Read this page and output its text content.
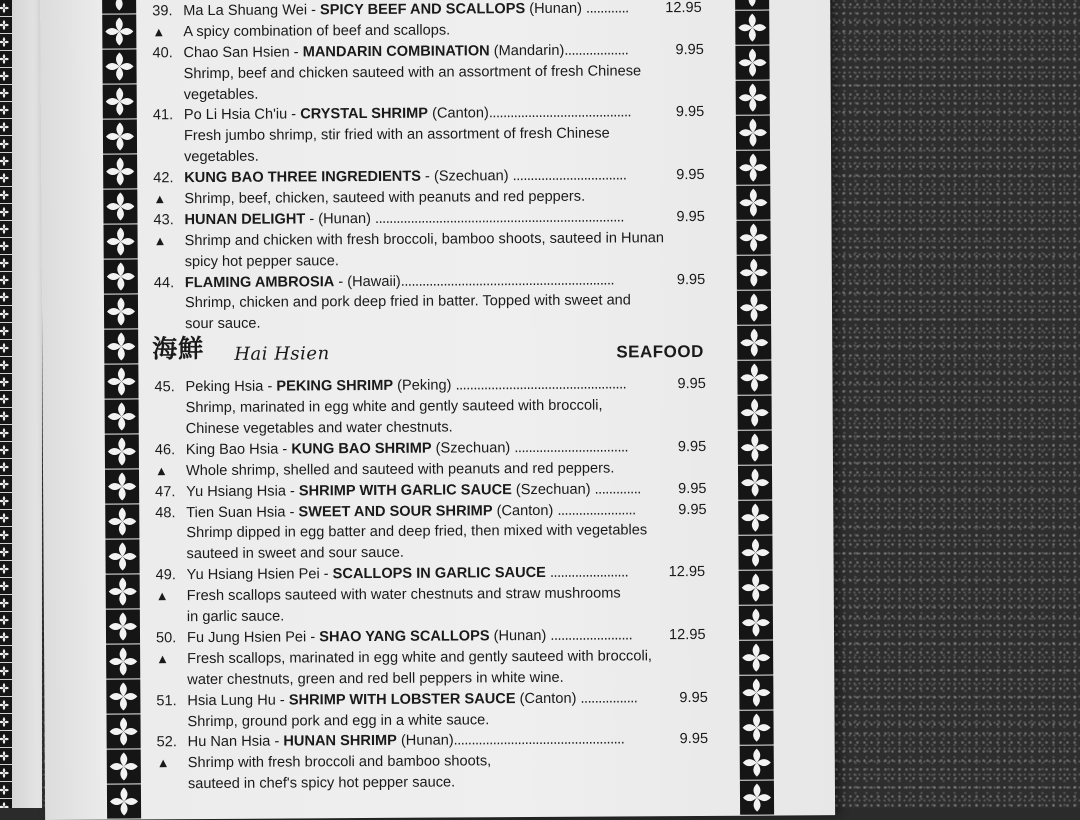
39. Ma La Shuang Wei - SPICY BEEF AND SCALLOPS (Hunan) ............ 12.95
▲ A spicy combination of beef and scallops.
40. Chao San Hsien - MANDARIN COMBINATION (Mandarin)..................	9.95
Shrimp, beef and chicken sauteed with an assortment of fresh Chinese
vegetables.
41. Po Li Hsia Ch'iu - CRYSTAL SHRIMP (Canton)........................................	9.95
Fresh jumbo shrimp, stir fried with an assortment of fresh Chinese
vegetables.
42. KUNG BAO THREE INGREDIENTS - (Szechuan) ................................	9.95
▲ Shrimp, beef, chicken, sauteed with peanuts and red peppers.
43. HUNAN DELIGHT - (Hunan) ......................................................................	9.95
▲ Shrimp and chicken with fresh broccoli, bamboo shoots, sauteed in Hunan
spicy hot pepper sauce.
44. FLAMING AMBROSIA - (Hawaii)............................................................	9.95
Shrimp, chicken and pork deep fried in batter. Topped with sweet and
sour sauce.
海鮮 Hai Hsien	SEAFOOD
45. Peking Hsia - PEKING SHRIMP (Peking) ................................................	9.95
Shrimp, marinated in egg white and gently sauteed with broccoli,
Chinese vegetables and water chestnuts.
46. King Bao Hsia - KUNG BAO SHRIMP (Szechuan) ................................	9.95
▲ Whole shrimp, shelled and sauteed with peanuts and red peppers.
47. Yu Hsiang Hsia - SHRIMP WITH GARLIC SAUCE (Szechuan) .............	9.95
48. Tien Suan Hsia - SWEET AND SOUR SHRIMP (Canton) ......................	9.95
Shrimp dipped in egg batter and deep fried, then mixed with vegetables
sauteed in sweet and sour sauce.
49. Yu Hsiang Hsien Pei - SCALLOPS IN GARLIC SAUCE ......................	12.95
▲ Fresh scallops sauteed with water chestnuts and straw mushrooms
in garlic sauce.
50. Fu Jung Hsien Pei - SHAO YANG SCALLOPS (Hunan) .......................	12.95
▲ Fresh scallops, marinated in egg white and gently sauteed with broccoli,
water chestnuts, green and red bell peppers in white wine.
51. Hsia Lung Hu - SHRIMP WITH LOBSTER SAUCE (Canton) ................	9.95
Shrimp, ground pork and egg in a white sauce.
52. Hu Nan Hsia - HUNAN SHRIMP (Hunan)................................................	9.95
▲ Shrimp with fresh broccoli and bamboo shoots,
sauteed in chef's spicy hot pepper sauce.
